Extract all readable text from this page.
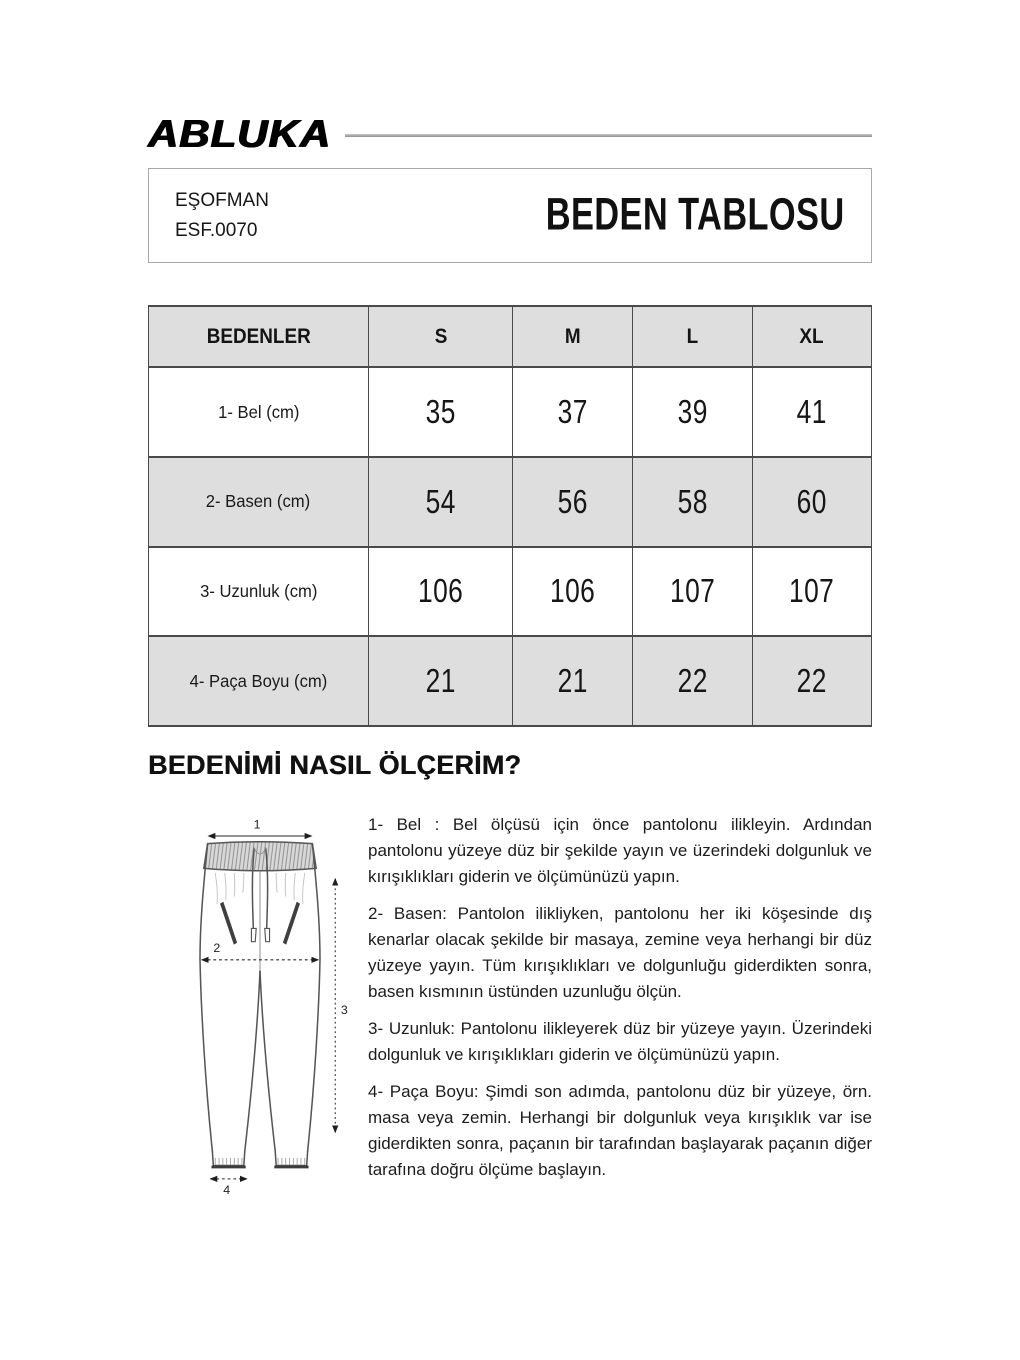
ABLUKA
EŞOFMAN
ESF.0070	BEDEN TABLOSU
BEDENLER	S	M	L	XL
1- Bel (cm)	35	37	39	41
2- Basen (cm)	54	56	58	60
3- Uzunluk (cm)	106	106	107	107
4- Paça Boyu (cm)	21	21	22	22
BEDENİMİ NASIL ÖLÇERİM?
1
2
3
4

1- Bel : Bel ölçüsü için önce pantolonu ilikleyin. Ardından pantolonu yüzeye düz bir şekilde yayın ve üzerindeki dolgunluk ve kırışıklıkları giderin ve ölçümünüzü yapın.

2- Basen: Pantolon ilikliyken, pantolonu her iki köşesinde dış kenarlar olacak şekilde bir masaya, zemine veya herhangi bir düz yüzeye yayın. Tüm kırışıklıkları ve dolgunluğu giderdikten sonra, basen kısmının üstünden uzunluğu ölçün.

3- Uzunluk: Pantolonu ilikleyerek düz bir yüzeye yayın. Üzerindeki dolgunluk ve kırışıklıkları giderin ve ölçümünüzü yapın.

4- Paça Boyu: Şimdi son adımda, pantolonu düz bir yüzeye, örn. masa veya zemin. Herhangi bir dolgunluk veya kırışıklık var ise giderdikten sonra, paçanın bir tarafından başlayarak paçanın diğer tarafına doğru ölçüme başlayın.
